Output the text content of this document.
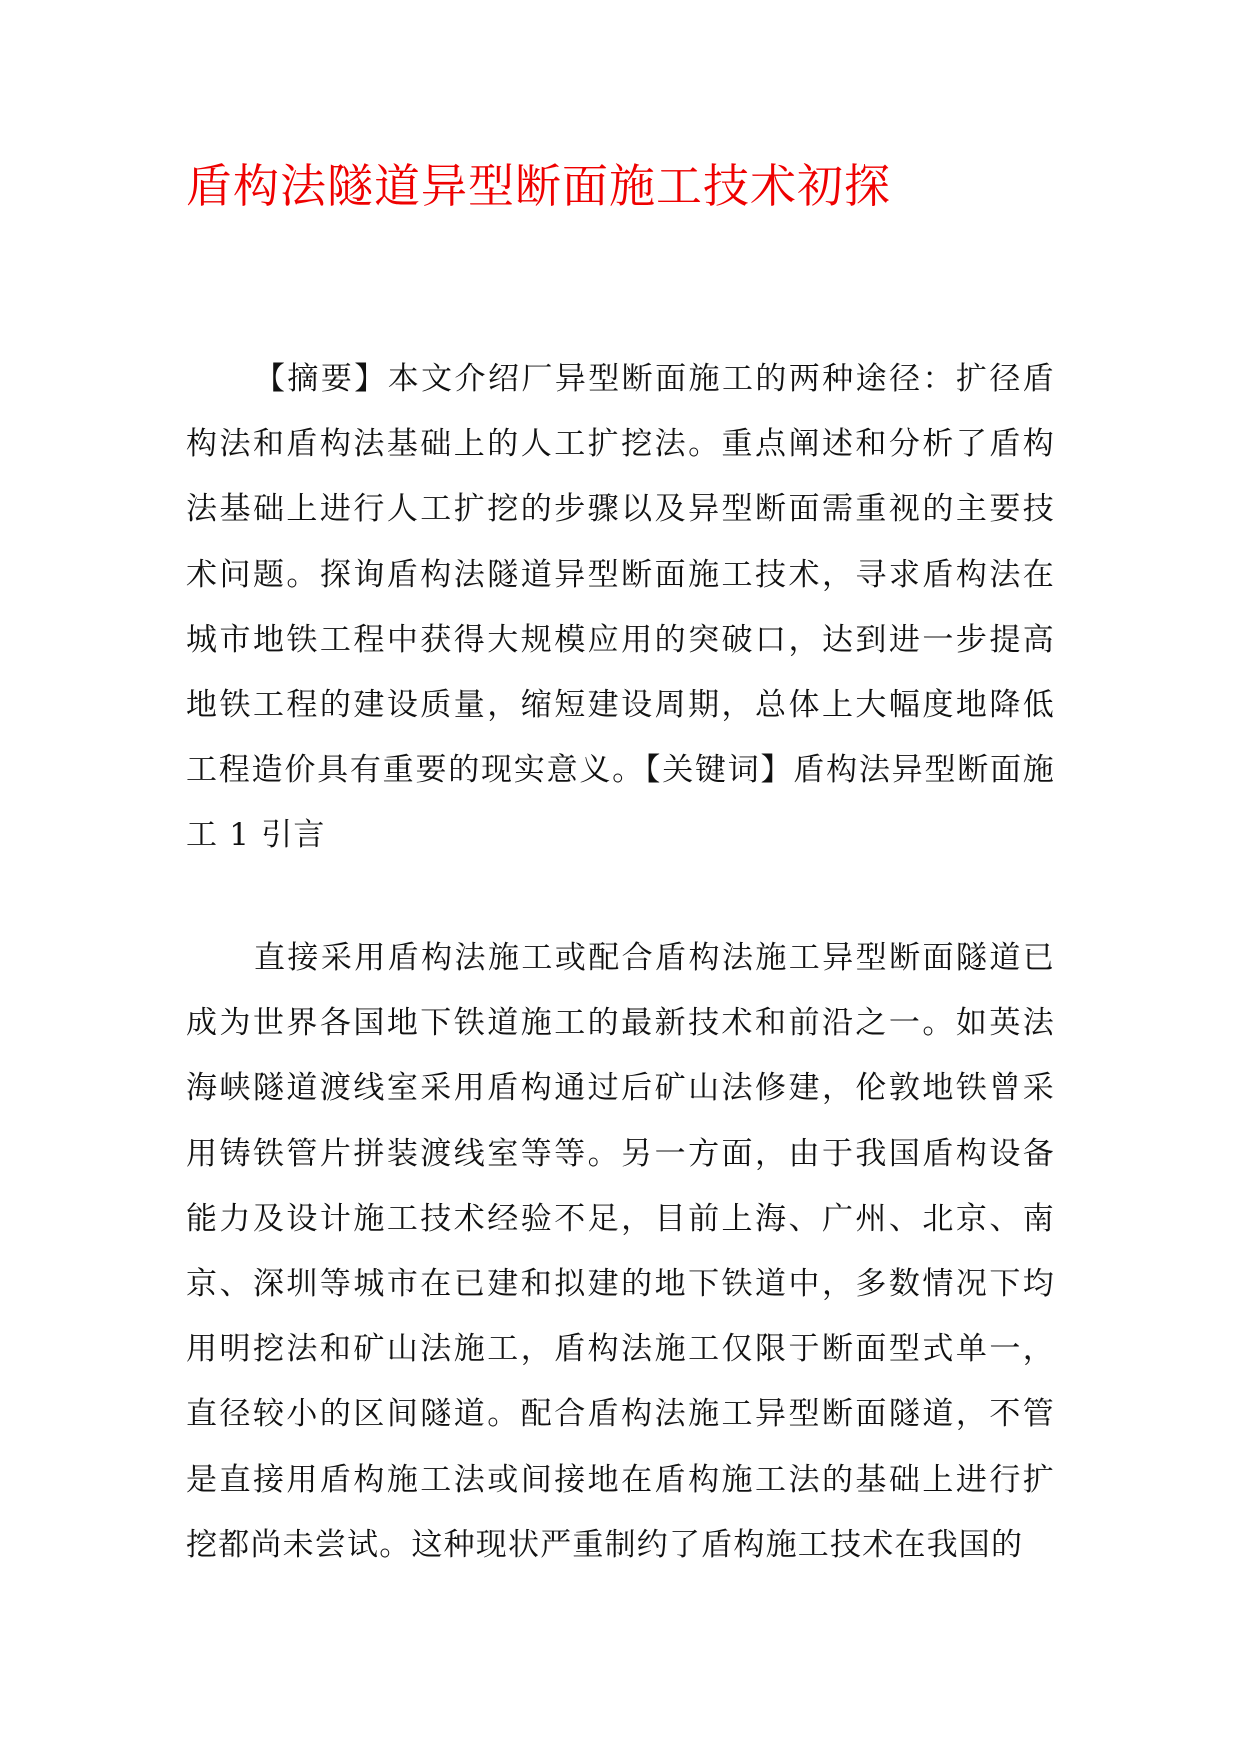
盾构法隧道异型断面施工技术初探

【摘要】本文介绍厂异型断面施工的两种途径：扩径盾构法和盾构法基础上的人工扩挖法。重点阐述和分析了盾构法基础上进行人工扩挖的步骤以及异型断面需重视的主要技术问题。探询盾构法隧道异型断面施工技术，寻求盾构法在城市地铁工程中获得大规模应用的突破口，达到进一步提高地铁工程的建设质量，缩短建设周期，总体上大幅度地降低工程造价具有重要的现实意义。【关键词】盾构法异型断面施工 1 引言

直接采用盾构法施工或配合盾构法施工异型断面隧道已成为世界各国地下铁道施工的最新技术和前沿之一。如英法海峡隧道渡线室采用盾构通过后矿山法修建，伦敦地铁曾采用铸铁管片拼装渡线室等等。另一方面，由于我国盾构设备能力及设计施工技术经验不足，目前上海、广州、北京、南京、深圳等城市在已建和拟建的地下铁道中，多数情况下均用明挖法和矿山法施工，盾构法施工仅限于断面型式单一，直径较小的区间隧道。配合盾构法施工异型断面隧道，不管是直接用盾构施工法或间接地在盾构施工法的基础上进行扩挖都尚未尝试。这种现状严重制约了盾构施工技术在我国的
